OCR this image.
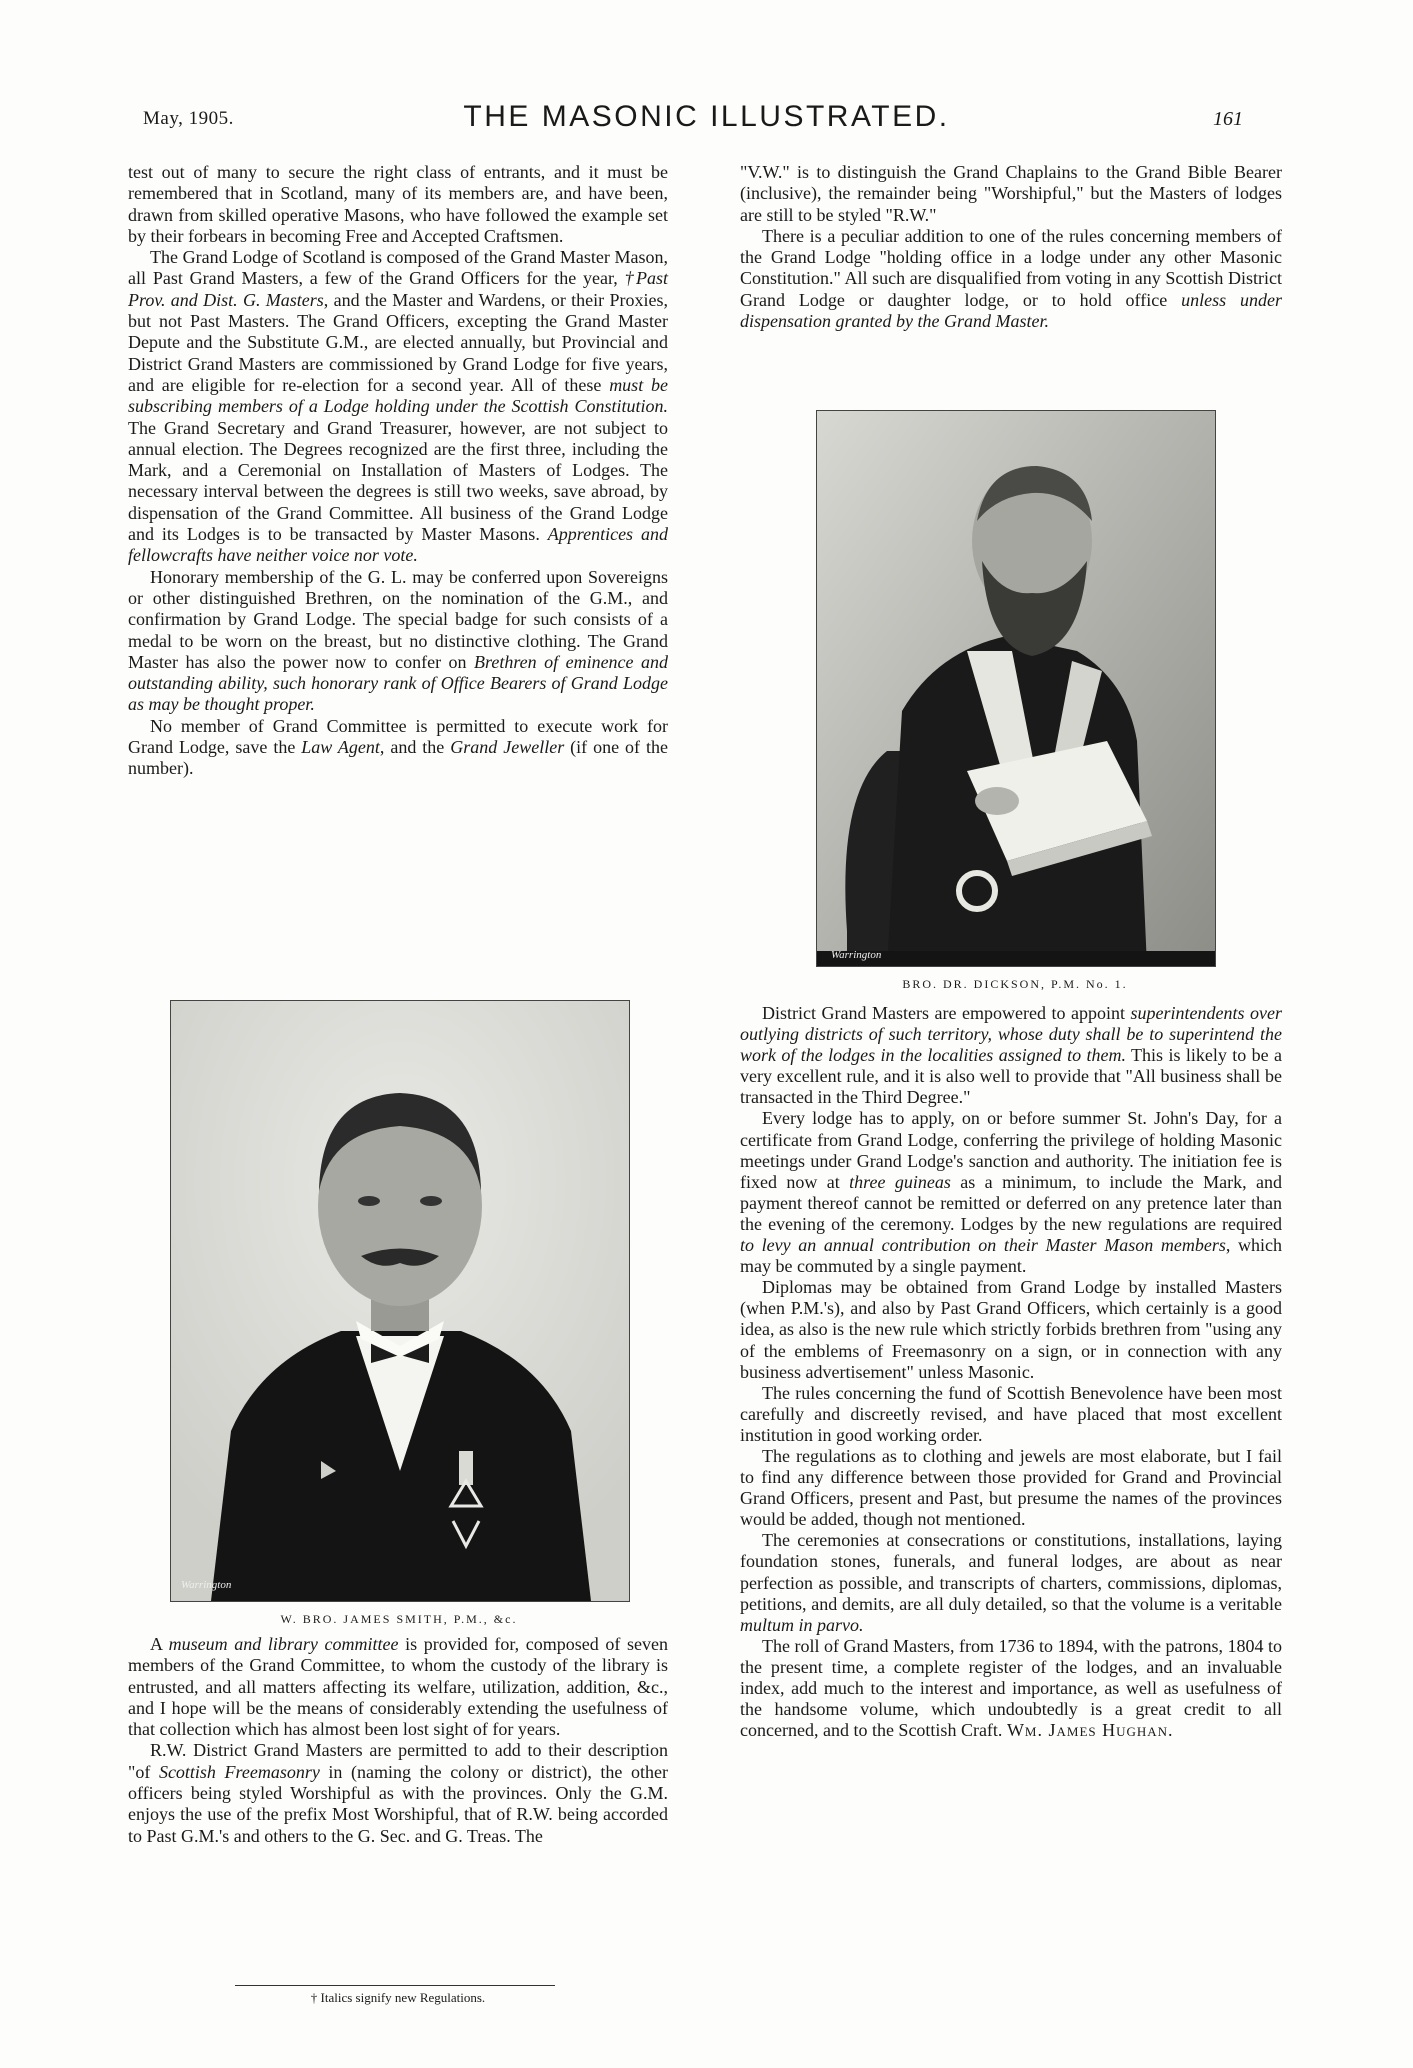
May, 1905.	THE MASONIC ILLUSTRATED.	161

test out of many to secure the right class of entrants, and it must be remembered that in Scotland, many of its members are, and have been, drawn from skilled operative Masons, who have followed the example set by their forbears in becoming Free and Accepted Craftsmen.

The Grand Lodge of Scotland is composed of the Grand Master Mason, all Past Grand Masters, a few of the Grand Officers for the year, †Past Prov. and Dist. G. Masters, and the Master and Wardens, or their Proxies, but not Past Masters. The Grand Officers, excepting the Grand Master Depute and the Substitute G.M., are elected annually, but Provincial and District Grand Masters are commissioned by Grand Lodge for five years, and are eligible for re-election for a second year. All of these must be subscribing members of a Lodge holding under the Scottish Constitution. The Grand Secretary and Grand Treasurer, however, are not subject to annual election. The Degrees recognized are the first three, including the Mark, and a Ceremonial on Installation of Masters of Lodges. The necessary interval between the degrees is still two weeks, save abroad, by dispensation of the Grand Committee. All business of the Grand Lodge and its Lodges is to be transacted by Master Masons. Apprentices and fellowcrafts have neither voice nor vote.

Honorary membership of the G. L. may be conferred upon Sovereigns or other distinguished Brethren, on the nomination of the G.M., and confirmation by Grand Lodge. The special badge for such consists of a medal to be worn on the breast, but no distinctive clothing. The Grand Master has also the power now to confer on Brethren of eminence and outstanding ability, such honorary rank of Office Bearers of Grand Lodge as may be thought proper.

No member of Grand Committee is permitted to execute work for Grand Lodge, save the Law Agent, and the Grand Jeweller (if one of the number).

Warrington
W. BRO. JAMES SMITH, P.M., &c.

A museum and library committee is provided for, composed of seven members of the Grand Committee, to whom the custody of the library is entrusted, and all matters affecting its welfare, utilization, addition, &c., and I hope will be the means of considerably extending the usefulness of that collection which has almost been lost sight of for years.

R.W. District Grand Masters are permitted to add to their description "of Scottish Freemasonry in (naming the colony or district), the other officers being styled Worshipful as with the provinces. Only the G.M. enjoys the use of the prefix Most Worshipful, that of R.W. being accorded to Past G.M.'s and others to the G. Sec. and G. Treas. The

† Italics signify new Regulations.

"V.W." is to distinguish the Grand Chaplains to the Grand Bible Bearer (inclusive), the remainder being "Worshipful," but the Masters of lodges are still to be styled "R.W."

There is a peculiar addition to one of the rules concerning members of the Grand Lodge "holding office in a lodge under any other Masonic Constitution." All such are disqualified from voting in any Scottish District Grand Lodge or daughter lodge, or to hold office unless under dispensation granted by the Grand Master.

Warrington
BRO. DR. DICKSON, P.M. No. 1.

District Grand Masters are empowered to appoint superintendents over outlying districts of such territory, whose duty shall be to superintend the work of the lodges in the localities assigned to them. This is likely to be a very excellent rule, and it is also well to provide that "All business shall be transacted in the Third Degree."

Every lodge has to apply, on or before summer St. John's Day, for a certificate from Grand Lodge, conferring the privilege of holding Masonic meetings under Grand Lodge's sanction and authority. The initiation fee is fixed now at three guineas as a minimum, to include the Mark, and payment thereof cannot be remitted or deferred on any pretence later than the evening of the ceremony. Lodges by the new regulations are required to levy an annual contribution on their Master Mason members, which may be commuted by a single payment.

Diplomas may be obtained from Grand Lodge by installed Masters (when P.M.'s), and also by Past Grand Officers, which certainly is a good idea, as also is the new rule which strictly forbids brethren from "using any of the emblems of Freemasonry on a sign, or in connection with any business advertisement" unless Masonic.

The rules concerning the fund of Scottish Benevolence have been most carefully and discreetly revised, and have placed that most excellent institution in good working order.

The regulations as to clothing and jewels are most elaborate, but I fail to find any difference between those provided for Grand and Provincial Grand Officers, present and Past, but presume the names of the provinces would be added, though not mentioned.

The ceremonies at consecrations or constitutions, installations, laying foundation stones, funerals, and funeral lodges, are about as near perfection as possible, and transcripts of charters, commissions, diplomas, petitions, and demits, are all duly detailed, so that the volume is a veritable multum in parvo.

The roll of Grand Masters, from 1736 to 1894, with the patrons, 1804 to the present time, a complete register of the lodges, and an invaluable index, add much to the interest and importance, as well as usefulness of the handsome volume, which undoubtedly is a great credit to all concerned, and to the Scottish Craft. Wm. James Hughan.
